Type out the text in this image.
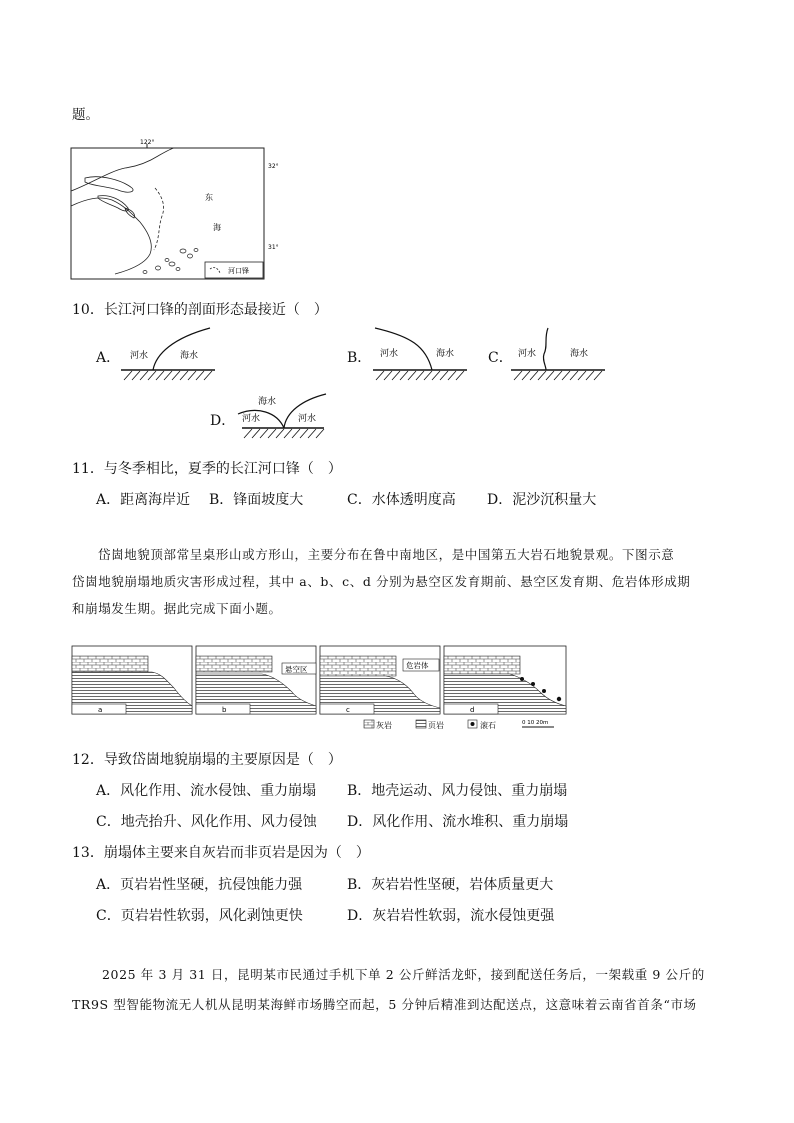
题。
122°
32°
31°
东
海
河口锋
10．长江河口锋的剖面形态最接近（　）
A． 河水	海水	B． 河水	海水 C． 河水	海水
D．
海水
河水	河水
11．与冬季相比，夏季的长江河口锋（　）
A．距离海岸近 B．锋面坡度大	C．水体透明度高 D．泥沙沉积量大
岱崮地貌顶部常呈桌形山或方形山，主要分布在鲁中南地区，是中国第五大岩石地貌景观。下图示意
岱崮地貌崩塌地质灾害形成过程，其中 a、b、c、d 分别为悬空区发育期前、悬空区发育期、危岩体形成期
和崩塌发生期。据此完成下面小题。
a
悬空区
b
危岩体
c	d
灰岩	页岩	滚石	0 10 20m
12．导致岱崮地貌崩塌的主要原因是（　）
A．风化作用、流水侵蚀、重力崩塌 B．地壳运动、风力侵蚀、重力崩塌
C．地壳抬升、风化作用、风力侵蚀 D．风化作用、流水堆积、重力崩塌
13．崩塌体主要来自灰岩而非页岩是因为（　）
A．页岩岩性坚硬，抗侵蚀能力强	B．灰岩岩性坚硬，岩体质量更大
C．页岩岩性软弱，风化剥蚀更快	D．灰岩岩性软弱，流水侵蚀更强
2025 年 3 月 31 日，昆明某市民通过手机下单 2 公斤鲜活龙虾，接到配送任务后，一架载重 9 公斤的
TR9S 型智能物流无人机从昆明某海鲜市场腾空而起，5 分钟后精准到达配送点，这意味着云南省首条“市场
